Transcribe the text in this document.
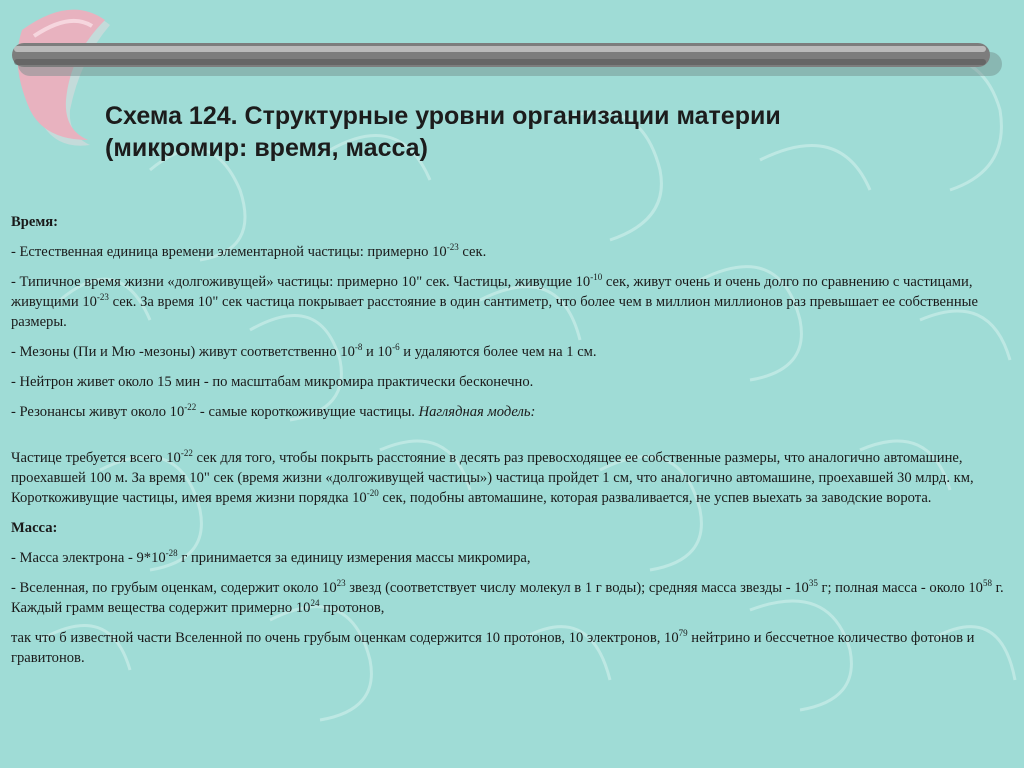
Схема 124. Структурные уровни организации материи
(микромир: время, масса)

Время:

- Естественная единица времени элементарной частицы: примерно $10^{-23}$ сек.

- Типичное время жизни «долгоживущей» частицы: примерно 10" сек. Частицы, живущие $10^{-10}$ сек, живут очень и очень долго по сравнению с частицами, живущими $10^{-23}$ сек. За время 10" сек частица покрывает расстояние в один сантиметр, что более чем в миллион миллионов раз превышает ее собственные размеры.

- Мезоны (Пи и Мю -мезоны) живут соответственно $10^{-8}$ и $10^{-6}$ и удаляются более чем на 1 см.

- Нейтрон живет около 15 мин - по масштабам микромира практически бесконечно.

- Резонансы живут около $10^{-22}$ - самые короткоживущие частицы. Наглядная модель:

Частице требуется всего $10^{-22}$ сек для того, чтобы покрыть расстояние в десять раз превосходящее ее собственные размеры, что аналогично автомашине, проехавшей 100 м. За время 10" сек (время жизни «долгоживущей частицы») частица пройдет 1 см, что аналогично автомашине, проехавшей 30 млрд. км, Короткоживущие частицы, имея время жизни порядка $10^{-20}$ сек, подобны автомашине, которая разваливается, не успев выехать за заводские ворота.

Масса:

- Масса электрона - $9*10^{-28}$ г принимается за единицу измерения массы микромира,

- Вселенная, по грубым оценкам, содержит около $10^{23}$ звезд (соответствует числу молекул в 1 г воды); средняя масса звезды - $10^{35}$ г; полная масса - около $10^{58}$ г. Каждый грамм вещества содержит примерно $10^{24}$ протонов,

так что б известной части Вселенной по очень грубым оценкам содержится 10 протонов, 10 электронов, $10^{79}$ нейтрино и бессчетное количество фотонов и гравитонов.
